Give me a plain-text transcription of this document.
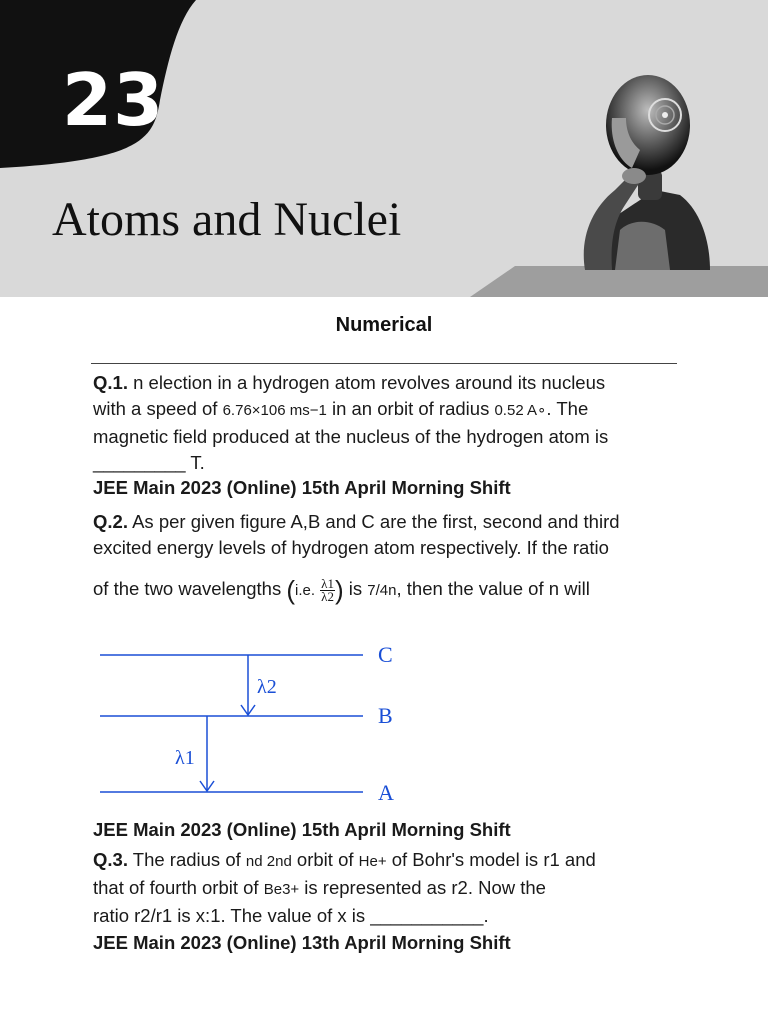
23
Atoms and Nuclei
Numerical
Q.1. n election in a hydrogen atom revolves around its nucleus
with a speed of 6.76×106 ms−1 in an orbit of radius 0.52 A∘. The
magnetic field produced at the nucleus of the hydrogen atom is
_________ T.
JEE Main 2023 (Online) 15th April Morning Shift
Q.2. As per given figure A,B and C are the first, second and third
excited energy levels of hydrogen atom respectively. If the ratio
of the two wavelengths (i.e. $\frac{\lambda 1}{\lambda 2}$) is 7/4n, then the value of n will
C
B
A
λ2
λ1
JEE Main 2023 (Online) 15th April Morning Shift
Q.3. The radius of nd 2nd orbit of He+ of Bohr's model is r1 and
that of fourth orbit of Be3+ is represented as r2. Now the
ratio r2/r1 is x:1. The value of x is ___________.
JEE Main 2023 (Online) 13th April Morning Shift
